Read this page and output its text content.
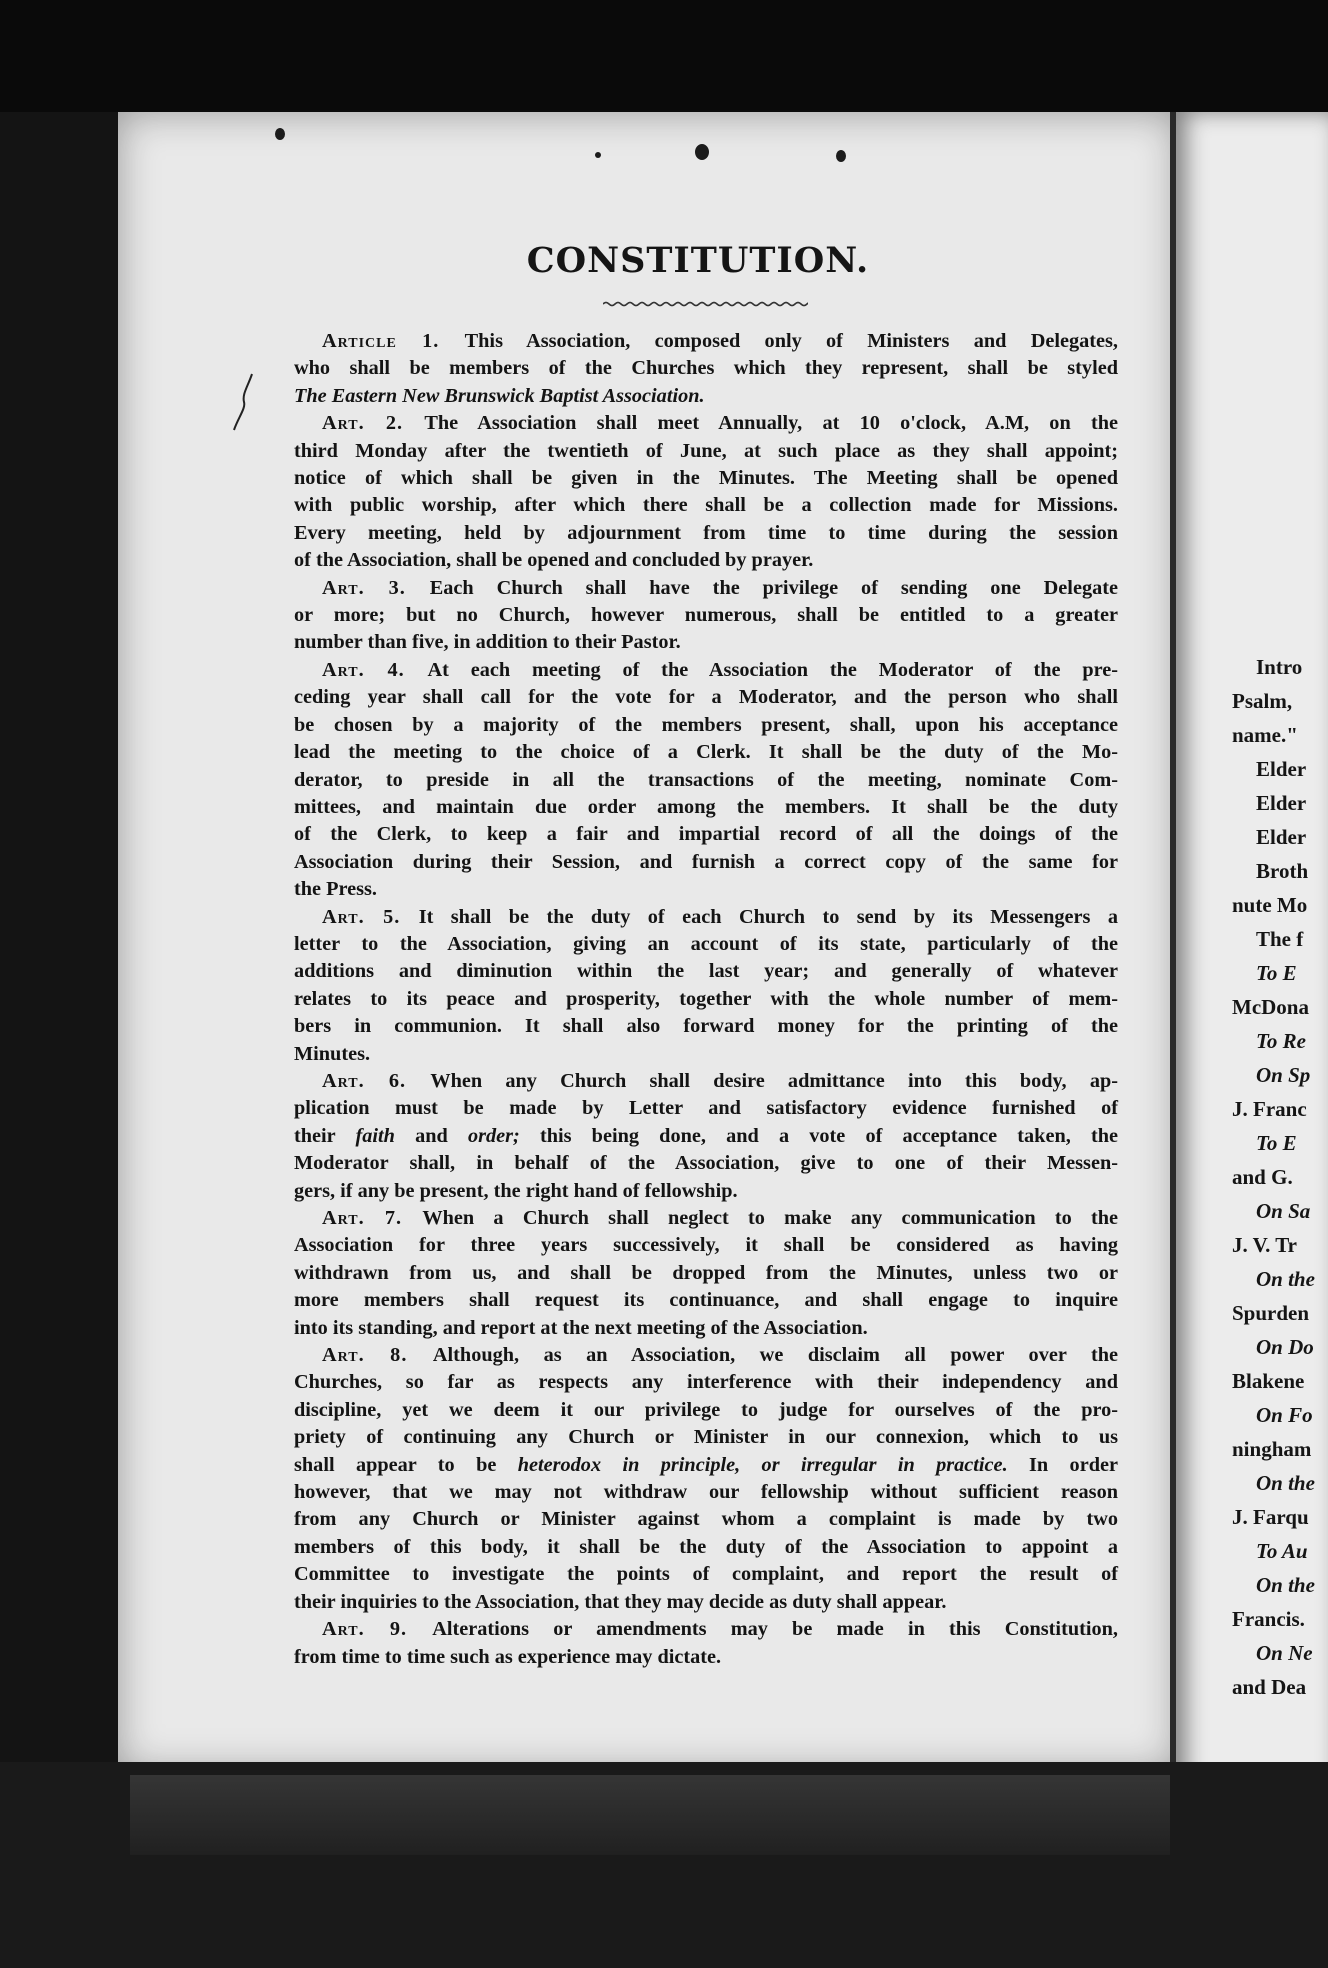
CONSTITUTION.

Article 1. This Association, composed only of Ministers and Delegates,
who shall be members of the Churches which they represent, shall be styled
The Eastern New Brunswick Baptist Association.

Art. 2. The Association shall meet Annually, at 10 o'clock, A.M, on the
third Monday after the twentieth of June, at such place as they shall appoint;
notice of which shall be given in the Minutes. The Meeting shall be opened
with public worship, after which there shall be a collection made for Missions.
Every meeting, held by adjournment from time to time during the session
of the Association, shall be opened and concluded by prayer.

Art. 3. Each Church shall have the privilege of sending one Delegate
or more; but no Church, however numerous, shall be entitled to a greater
number than five, in addition to their Pastor.

Art. 4. At each meeting of the Association the Moderator of the pre-
ceding year shall call for the vote for a Moderator, and the person who shall
be chosen by a majority of the members present, shall, upon his acceptance
lead the meeting to the choice of a Clerk. It shall be the duty of the Mo-
derator, to preside in all the transactions of the meeting, nominate Com-
mittees, and maintain due order among the members. It shall be the duty
of the Clerk, to keep a fair and impartial record of all the doings of the
Association during their Session, and furnish a correct copy of the same for
the Press.

Art. 5. It shall be the duty of each Church to send by its Messengers a
letter to the Association, giving an account of its state, particularly of the
additions and diminution within the last year; and generally of whatever
relates to its peace and prosperity, together with the whole number of mem-
bers in communion. It shall also forward money for the printing of the
Minutes.

Art. 6. When any Church shall desire admittance into this body, ap-
plication must be made by Letter and satisfactory evidence furnished of
their faith and order; this being done, and a vote of acceptance taken, the
Moderator shall, in behalf of the Association, give to one of their Messen-
gers, if any be present, the right hand of fellowship.

Art. 7. When a Church shall neglect to make any communication to the
Association for three years successively, it shall be considered as having
withdrawn from us, and shall be dropped from the Minutes, unless two or
more members shall request its continuance, and shall engage to inquire
into its standing, and report at the next meeting of the Association.

Art. 8. Although, as an Association, we disclaim all power over the
Churches, so far as respects any interference with their independency and
discipline, yet we deem it our privilege to judge for ourselves of the pro-
priety of continuing any Church or Minister in our connexion, which to us
shall appear to be heterodox in principle, or irregular in practice. In order
however, that we may not withdraw our fellowship without sufficient reason
from any Church or Minister against whom a complaint is made by two
members of this body, it shall be the duty of the Association to appoint a
Committee to investigate the points of complaint, and report the result of
their inquiries to the Association, that they may decide as duty shall appear.

Art. 9. Alterations or amendments may be made in this Constitution,
from time to time such as experience may dictate.

Intro
Psalm,
name."
Elder
Elder
Elder
Broth
nute Mo
The f
To E
McDona
To Re
On Sp
J. Franc
To E
and G.
On Sa
J. V. Tr
On the
Spurden
On Do
Blakene
On Fo
ningham
On the
J. Farqu
To Au
On the
Francis.
On Ne
and Dea
